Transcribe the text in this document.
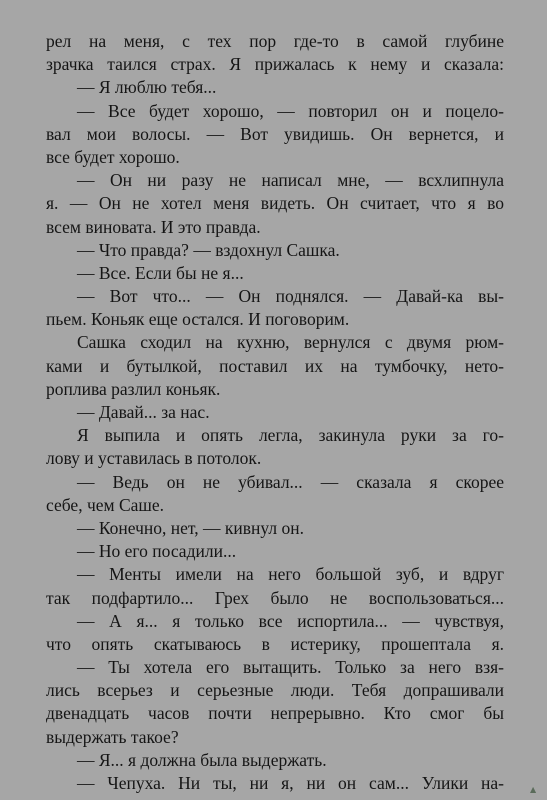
рел на меня, с тех пор где-то в самой глубине
зрачка таился страх. Я прижалась к нему и сказала:
— Я люблю тебя...
— Все будет хорошо, — повторил он и поцело-
вал мои волосы. — Вот увидишь. Он вернется, и
все будет хорошо.
— Он ни разу не написал мне, — всхлипнула
я. — Он не хотел меня видеть. Он считает, что я во
всем виновата. И это правда.
— Что правда? — вздохнул Сашка.
— Все. Если бы не я...
— Вот что... — Он поднялся. — Давай-ка вы-
пьем. Коньяк еще остался. И поговорим.
Сашка сходил на кухню, вернулся с двумя рюм-
ками и бутылкой, поставил их на тумбочку, нето-
роплива разлил коньяк.
— Давай... за нас.
Я выпила и опять легла, закинула руки за го-
лову и уставилась в потолок.
— Ведь он не убивал... — сказала я скорее
себе, чем Саше.
— Конечно, нет, — кивнул он.
— Но его посадили...
— Менты имели на него большой зуб, и вдруг
так подфартило... Грех было не воспользоваться...
— А я... я только все испортила... — чувствуя,
что опять скатываюсь в истерику, прошептала я.
— Ты хотела его вытащить. Только за него взя-
лись всерьез и серьезные люди. Тебя допрашивали
двенадцать часов почти непрерывно. Кто смог бы
выдержать такое?
— Я... я должна была выдержать.
— Чепуха. Ни ты, ни я, ни он сам... Улики на-	▲
